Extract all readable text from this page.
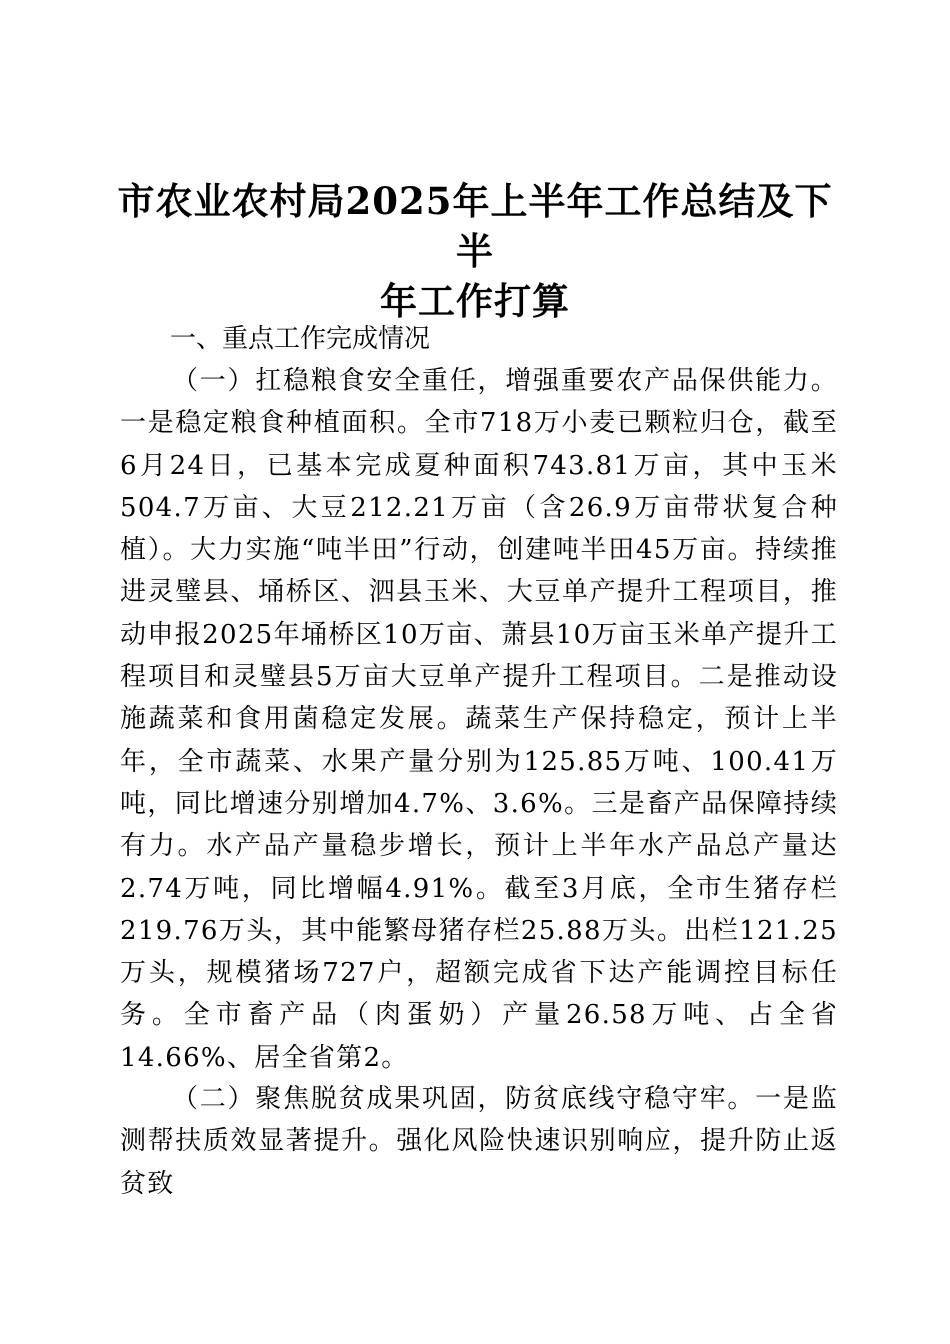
市农业农村局2025年上半年工作总结及下半
年工作打算
一、重点工作完成情况

（一）扛稳粮食安全重任，增强重要农产品保供能力。一是稳定粮食种植面积。全市718万小麦已颗粒归仓，截至6月24日，已基本完成夏种面积743.81万亩，其中玉米504.7万亩、大豆212.21万亩（含26.9万亩带状复合种植）。大力实施“吨半田”行动，创建吨半田45万亩。持续推进灵璧县、埇桥区、泗县玉米、大豆单产提升工程项目，推动申报2025年埇桥区10万亩、萧县10万亩玉米单产提升工程项目和灵璧县5万亩大豆单产提升工程项目。二是推动设施蔬菜和食用菌稳定发展。蔬菜生产保持稳定，预计上半年，全市蔬菜、水果产量分别为125.85万吨、100.41万吨，同比增速分别增加4.7%、3.6%。三是畜产品保障持续有力。水产品产量稳步增长，预计上半年水产品总产量达2.74万吨，同比增幅4.91%。截至3月底，全市生猪存栏219.76万头，其中能繁母猪存栏25.88万头。出栏121.25万头，规模猪场727户，超额完成省下达产能调控目标任务。全市畜产品（肉蛋奶）产量26.58万吨、占全省14.66%、居全省第2。

（二）聚焦脱贫成果巩固，防贫底线守稳守牢。一是监测帮扶质效显著提升。强化风险快速识别响应，提升防止返贫致
